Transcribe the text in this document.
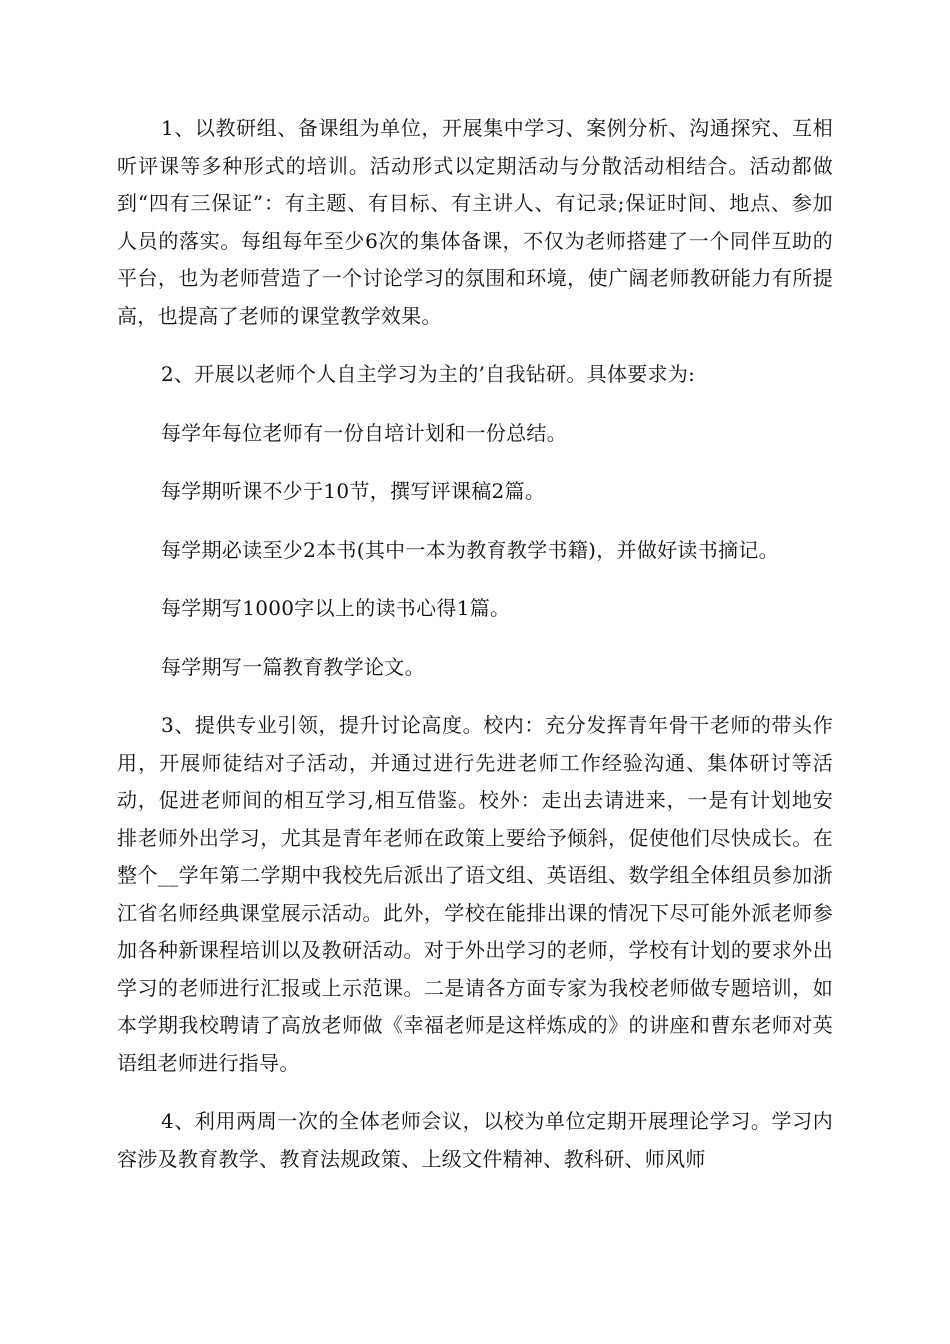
1、以教研组、备课组为单位，开展集中学习、案例分析、沟通探究、互相听评课等多种形式的培训。活动形式以定期活动与分散活动相结合。活动都做到“四有三保证”：有主题、有目标、有主讲人、有记录;保证时间、地点、参加人员的落实。每组每年至少6次的集体备课，不仅为老师搭建了一个同伴互助的平台，也为老师营造了一个讨论学习的氛围和环境，使广阔老师教研能力有所提高，也提高了老师的课堂教学效果。

2、开展以老师个人自主学习为主的’自我钻研。具体要求为:

每学年每位老师有一份自培计划和一份总结。

每学期听课不少于10节，撰写评课稿2篇。

每学期必读至少2本书(其中一本为教育教学书籍)，并做好读书摘记。

每学期写1000字以上的读书心得1篇。

每学期写一篇教育教学论文。

3、提供专业引领，提升讨论高度。校内：充分发挥青年骨干老师的带头作用，开展师徒结对子活动，并通过进行先进老师工作经验沟通、集体研讨等活动，促进老师间的相互学习,相互借鉴。校外：走出去请进来，一是有计划地安排老师外出学习，尤其是青年老师在政策上要给予倾斜，促使他们尽快成长。在整个__学年第二学期中我校先后派出了语文组、英语组、数学组全体组员参加浙江省名师经典课堂展示活动。此外，学校在能排出课的情况下尽可能外派老师参加各种新课程培训以及教研活动。对于外出学习的老师，学校有计划的要求外出学习的老师进行汇报或上示范课。二是请各方面专家为我校老师做专题培训，如本学期我校聘请了高放老师做《幸福老师是这样炼成的》的讲座和曹东老师对英语组老师进行指导。

4、利用两周一次的全体老师会议，以校为单位定期开展理论学习。学习内容涉及教育教学、教育法规政策、上级文件精神、教科研、师风师
